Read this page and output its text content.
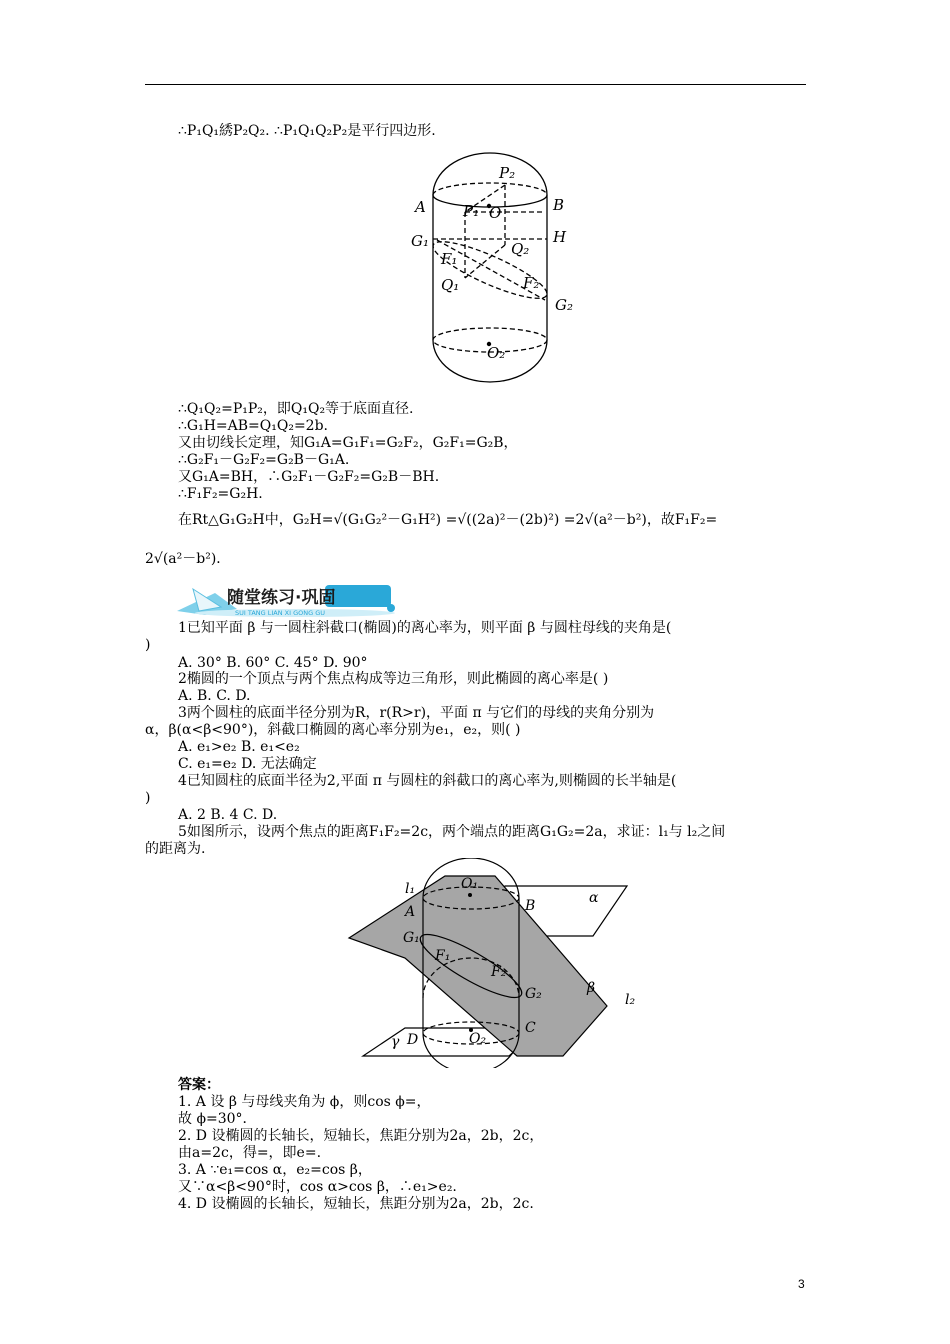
∴P₁Q₁綉P₂Q₂. ∴P₁Q₁Q₂P₂是平行四边形.
P₂
A	B
P₁ O
G₁	H
Q₂
F₁
Q₁	F₂
G₂
O₂
∴Q₁Q₂=P₁P₂，即Q₁Q₂等于底面直径.
∴G₁H=AB=Q₁Q₂=2b.
又由切线长定理，知G₁A=G₁F₁=G₂F₂，G₂F₁=G₂B，
∴G₂F₁－G₂F₂=G₂B－G₁A.
又G₁A=BH，∴G₂F₁－G₂F₂=G₂B－BH.
∴F₁F₂=G₂H.
在Rt△G₁G₂H中，G₂H=√(G₁G₂²－G₁H²) =√((2a)²－(2b)²) =2√(a²－b²)，故F₁F₂=
2√(a²－b²)．
随堂练习·巩固
SUI TANG LIAN XI GONG GU
1已知平面 β 与一圆柱斜截口(椭圆)的离心率为，则平面 β 与圆柱母线的夹角是(
)
A. 30° B. 60° C. 45° D. 90°
2椭圆的一个顶点与两个焦点构成等边三角形，则此椭圆的离心率是( )
A. B. C. D.
3两个圆柱的底面半径分别为R，r(R>r)，平面 π 与它们的母线的夹角分别为
α，β(α<β<90°)，斜截口椭圆的离心率分别为e₁，e₂，则( )
A. e₁>e₂ B. e₁<e₂
C. e₁=e₂ D. 无法确定
4已知圆柱的底面半径为2,平面 π 与圆柱的斜截口的离心率为,则椭圆的长半轴是(
)
A. 2 B. 4 C. D.
5如图所示，设两个焦点的距离F₁F₂=2c，两个端点的距离G₁G₂=2a，求证：l₁与 l₂之间
的距离为.
l₁	O₁
α
A	B
G₁
F₁
F₂
G₂	β
l₂
O₂
C
γ D
答案：
1. A 设 β 与母线夹角为 ϕ，则cos ϕ=，
故 ϕ=30°．
2. D 设椭圆的长轴长，短轴长，焦距分别为2a，2b，2c，
由a=2c，得=，即e=.
3. A ∵e₁=cos α，e₂=cos β，
又∵α<β<90°时，cos α>cos β，∴e₁>e₂.
4. D 设椭圆的长轴长，短轴长，焦距分别为2a，2b，2c.
3
